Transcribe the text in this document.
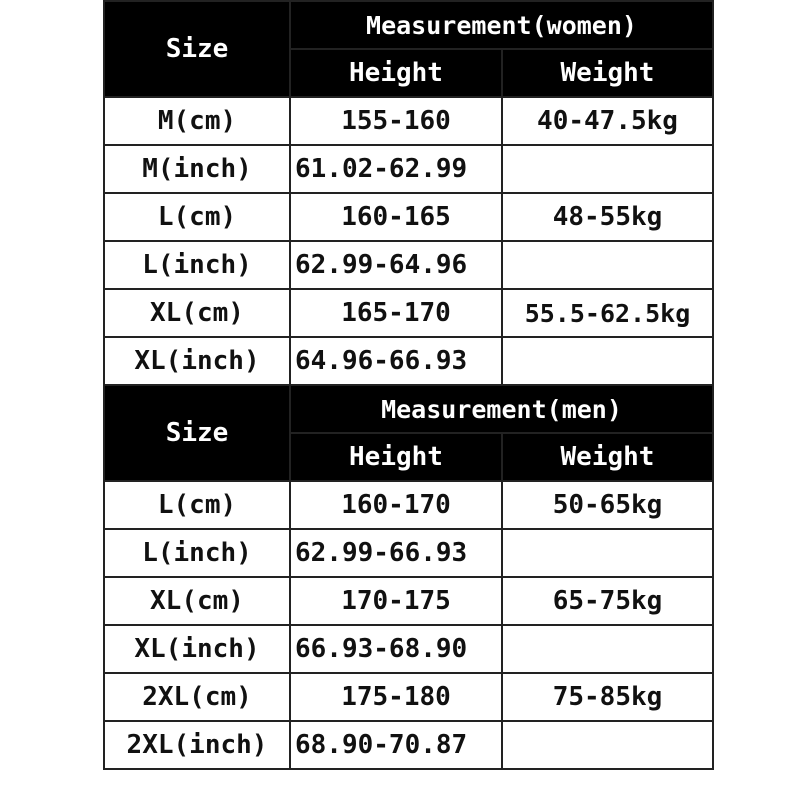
Size	Measurement(women)	
	Height	Weight
M(cm)	155-160	40-47.5kg
M(inch)	61.02-62.99	
L(cm)	160-165	48-55kg
L(inch)	62.99-64.96	
XL(cm)	165-170	55.5-62.5kg
XL(inch)	64.96-66.93	
Size	Measurement(men)	
	Height	Weight
L(cm)	160-170	50-65kg
L(inch)	62.99-66.93	
XL(cm)	170-175	65-75kg
XL(inch)	66.93-68.90	
2XL(cm)	175-180	75-85kg
2XL(inch)	68.90-70.87	
